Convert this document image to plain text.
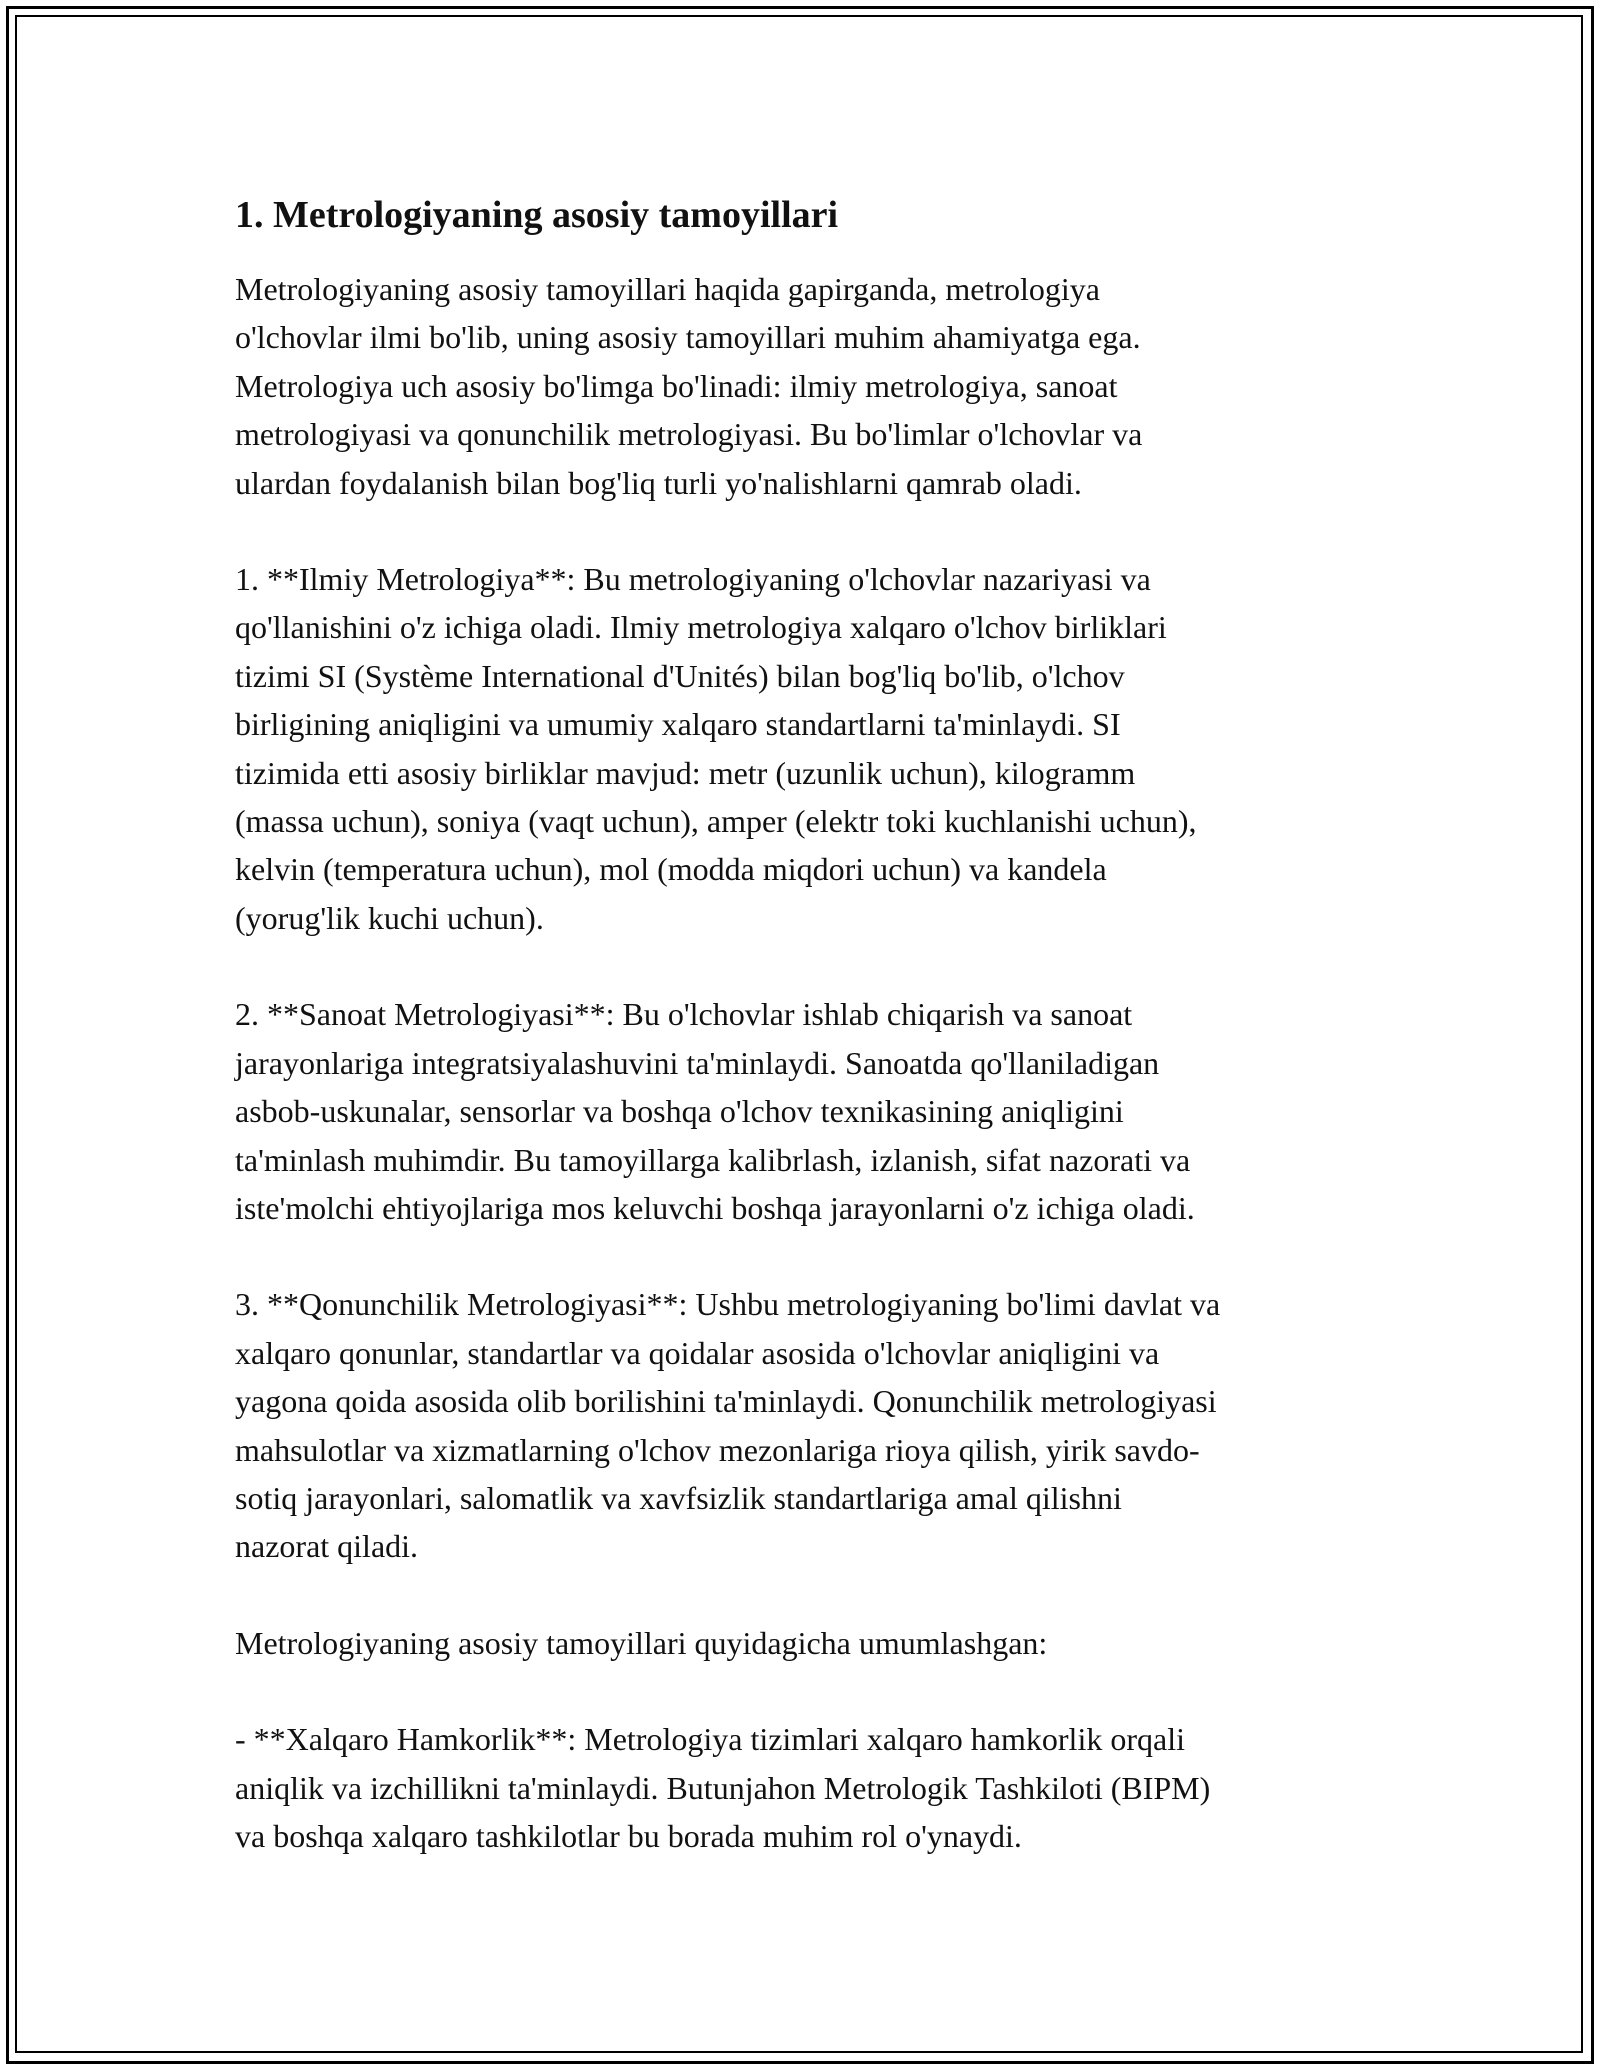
1. Metrologiyaning asosiy tamoyillari

Metrologiyaning asosiy tamoyillari haqida gapirganda, metrologiya
o'lchovlar ilmi bo'lib, uning asosiy tamoyillari muhim ahamiyatga ega.
Metrologiya uch asosiy bo'limga bo'linadi: ilmiy metrologiya, sanoat
metrologiyasi va qonunchilik metrologiyasi. Bu bo'limlar o'lchovlar va
ulardan foydalanish bilan bog'liq turli yo'nalishlarni qamrab oladi.

1. **Ilmiy Metrologiya**: Bu metrologiyaning o'lchovlar nazariyasi va
qo'llanishini o'z ichiga oladi. Ilmiy metrologiya xalqaro o'lchov birliklari
tizimi SI (Système International d'Unités) bilan bog'liq bo'lib, o'lchov
birligining aniqligini va umumiy xalqaro standartlarni ta'minlaydi. SI
tizimida etti asosiy birliklar mavjud: metr (uzunlik uchun), kilogramm
(massa uchun), soniya (vaqt uchun), amper (elektr toki kuchlanishi uchun),
kelvin (temperatura uchun), mol (modda miqdori uchun) va kandela
(yorug'lik kuchi uchun).

2. **Sanoat Metrologiyasi**: Bu o'lchovlar ishlab chiqarish va sanoat
jarayonlariga integratsiyalashuvini ta'minlaydi. Sanoatda qo'llaniladigan
asbob-uskunalar, sensorlar va boshqa o'lchov texnikasining aniqligini
ta'minlash muhimdir. Bu tamoyillarga kalibrlash, izlanish, sifat nazorati va
iste'molchi ehtiyojlariga mos keluvchi boshqa jarayonlarni o'z ichiga oladi.

3. **Qonunchilik Metrologiyasi**: Ushbu metrologiyaning bo'limi davlat va
xalqaro qonunlar, standartlar va qoidalar asosida o'lchovlar aniqligini va
yagona qoida asosida olib borilishini ta'minlaydi. Qonunchilik metrologiyasi
mahsulotlar va xizmatlarning o'lchov mezonlariga rioya qilish, yirik savdo-
sotiq jarayonlari, salomatlik va xavfsizlik standartlariga amal qilishni
nazorat qiladi.

Metrologiyaning asosiy tamoyillari quyidagicha umumlashgan:

- **Xalqaro Hamkorlik**: Metrologiya tizimlari xalqaro hamkorlik orqali
aniqlik va izchillikni ta'minlaydi. Butunjahon Metrologik Tashkiloti (BIPM)
va boshqa xalqaro tashkilotlar bu borada muhim rol o'ynaydi.
